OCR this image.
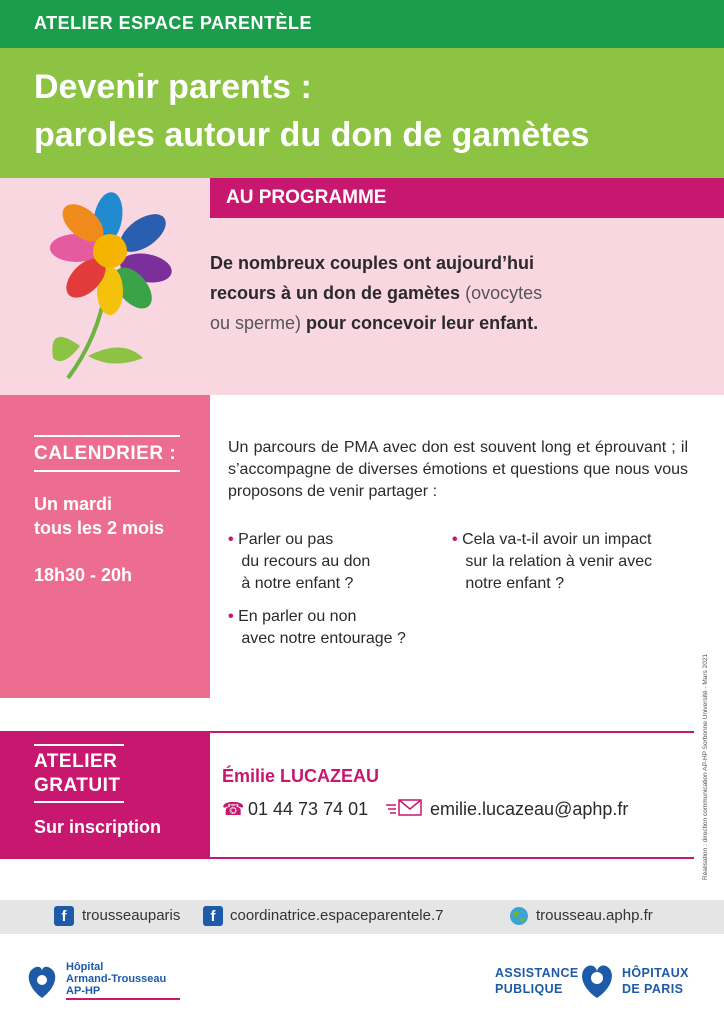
ATELIER ESPACE PARENTÈLE
Devenir parents :
paroles autour du don de gamètes
AU PROGRAMME
De nombreux couples ont aujourd’hui
recours à un don de gamètes (ovocytes
ou sperme) pour concevoir leur enfant.
CALENDRIER :
Un mardi
tous les 2 mois
18h30 - 20h
Un parcours de PMA avec don est souvent long et éprouvant ; il s’accompagne de diverses émotions et questions que nous vous proposons de venir partager :
• Parler ou pas
du recours au don
à notre enfant ?
• Cela va-t-il avoir un impact
sur la relation à venir avec
notre enfant ?
• En parler ou non
avec notre entourage ?
ATELIER
GRATUIT
Sur inscription
Émilie LUCAZEAU
☎ 01 44 73 74 01	emilie.lucazeau@aphp.fr	Réalisation : direction communication AP-HP Sorbonne Université - Mars 2021
f	trousseauparis	f coordinatrice.espaceparentele.7	trousseau.aphp.fr
Hôpital
Armand-Trousseau
AP-HP
ASSISTANCE
PUBLIQUE
HÔPITAUX
DE PARIS
